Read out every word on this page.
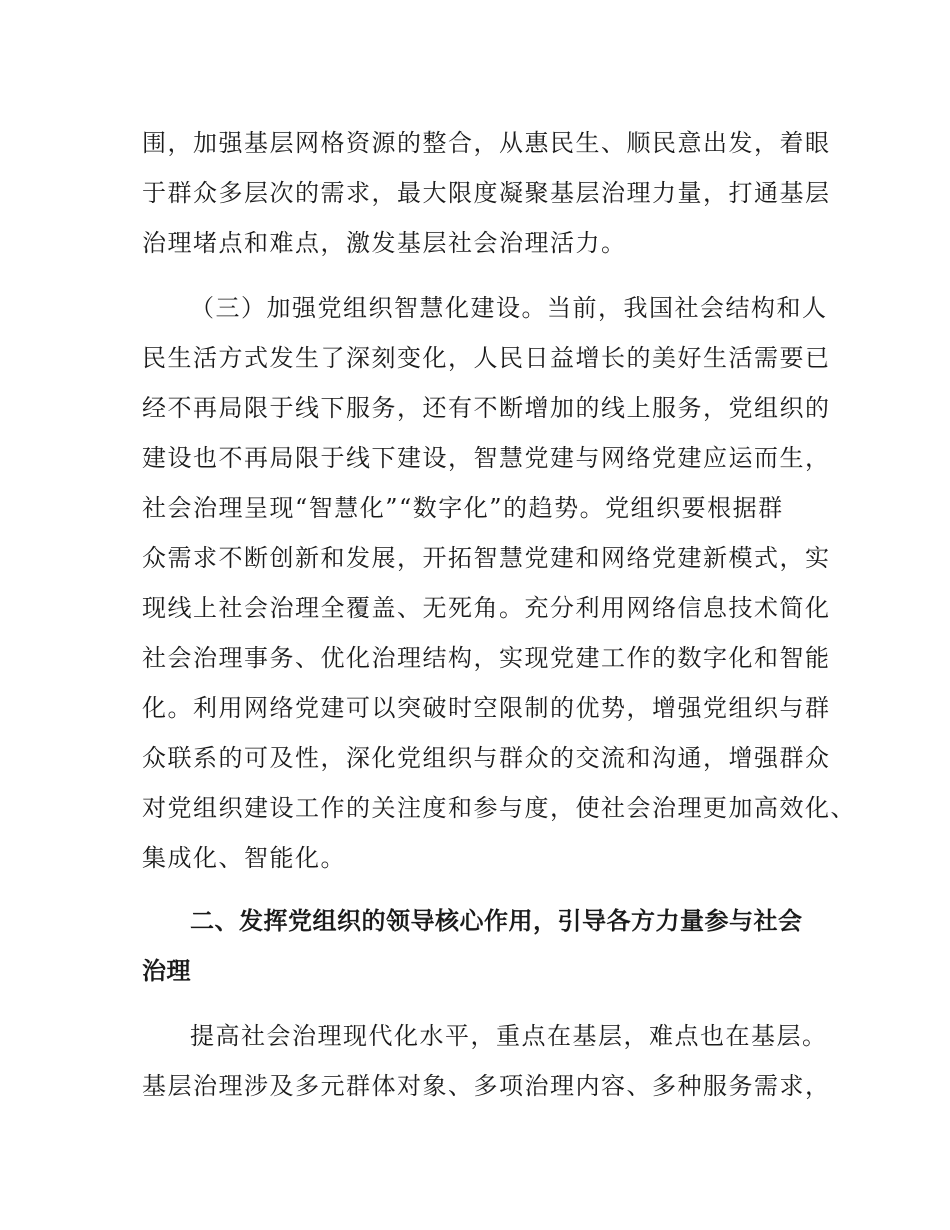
围，加强基层网格资源的整合，从惠民生、顺民意出发，着眼
于群众多层次的需求，最大限度凝聚基层治理力量，打通基层
治理堵点和难点，激发基层社会治理活力。
（三）加强党组织智慧化建设。当前，我国社会结构和人
民生活方式发生了深刻变化，人民日益增长的美好生活需要已
经不再局限于线下服务，还有不断增加的线上服务，党组织的
建设也不再局限于线下建设，智慧党建与网络党建应运而生，
社会治理呈现“智慧化”“数字化”的趋势。党组织要根据群
众需求不断创新和发展，开拓智慧党建和网络党建新模式，实
现线上社会治理全覆盖、无死角。充分利用网络信息技术简化
社会治理事务、优化治理结构，实现党建工作的数字化和智能
化。利用网络党建可以突破时空限制的优势，增强党组织与群
众联系的可及性，深化党组织与群众的交流和沟通，增强群众
对党组织建设工作的关注度和参与度，使社会治理更加高效化、
集成化、智能化。
二、发挥党组织的领导核心作用，引导各方力量参与社会
治理
提高社会治理现代化水平，重点在基层，难点也在基层。
基层治理涉及多元群体对象、多项治理内容、多种服务需求，
